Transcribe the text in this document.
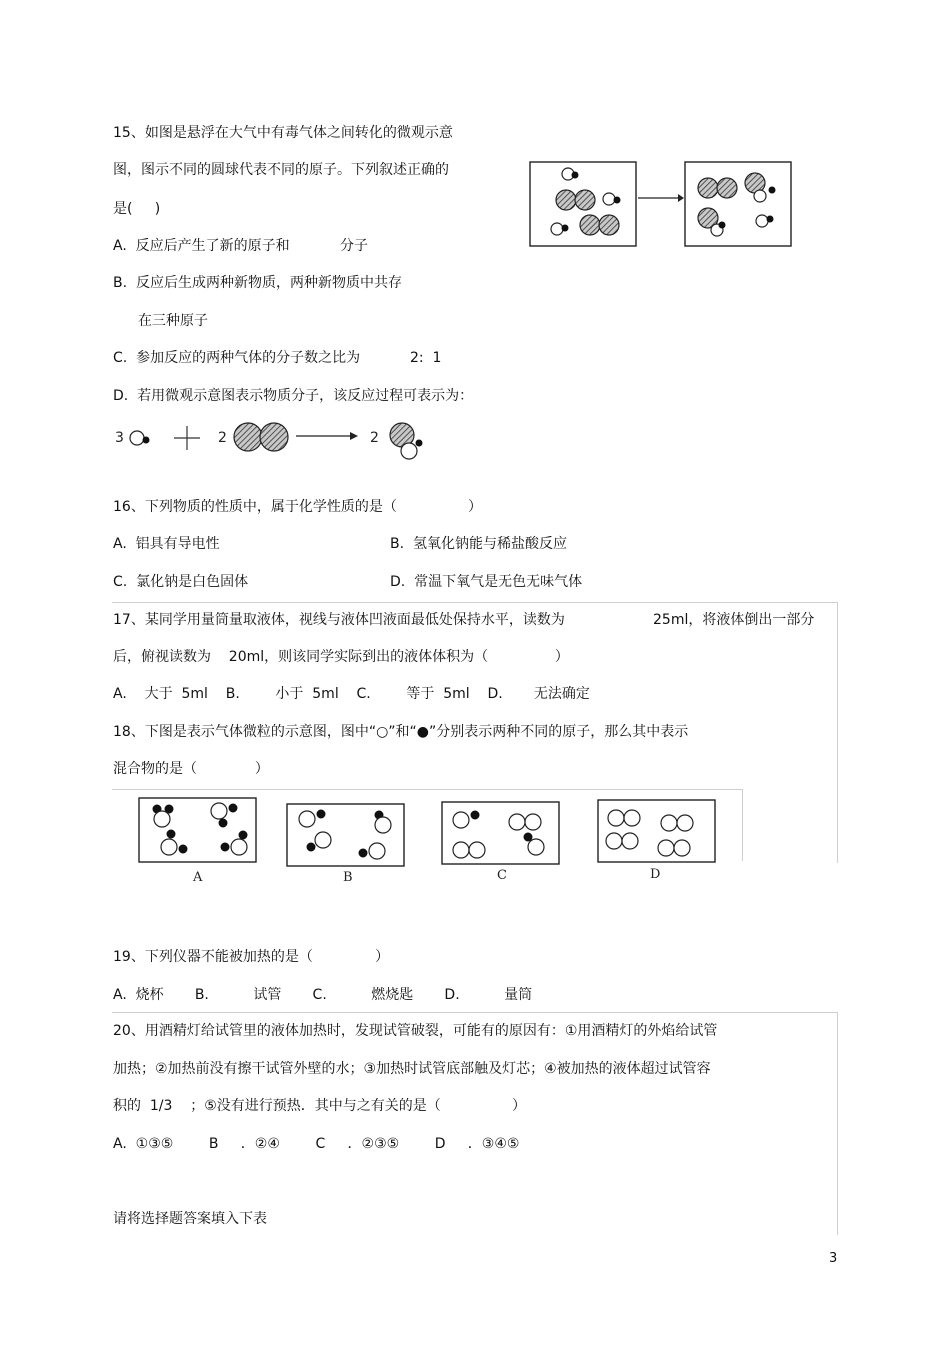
15、如图是悬浮在大气中有毒气体之间转化的微观示意
图，图示不同的圆球代表不同的原子。下列叙述正确的
是(     )
A.  反应后产生了新的原子和	分子
B.  反应后生成两种新物质，两种新物质中共存
在三种原子
C.  参加反应的两种气体的分子数之比为	2:  1
D.  若用微观示意图表示物质分子，该反应过程可表示为：
3	2	2
16、下列物质的性质中，属于化学性质的是（                ）
A.  铝具有导电性	B.  氢氧化钠能与稀盐酸反应
C.  氯化钠是白色固体	D.  常温下氧气是无色无味气体
17、某同学用量筒量取液体，视线与液体凹液面最低处保持水平，读数为	25ml，将液体倒出一部分
后，俯视读数为    20ml，则该同学实际到出的液体体积为（               ）
A.    大于  5ml    B.        小于  5ml    C.        等于  5ml    D.       无法确定
18、下图是表示气体微粒的示意图，图中“○”和“●”分别表示两种不同的原子，那么其中表示
混合物的是（             ）
A	B	C	D
19、下列仪器不能被加热的是（              ）
A.  烧杯       B.          试管       C.          燃烧匙       D.          量筒
20、用酒精灯给试管里的液体加热时，发现试管破裂，可能有的原因有：①用酒精灯的外焰给试管
加热；②加热前没有擦干试管外壁的水；③加热时试管底部触及灯芯；④被加热的液体超过试管容
积的  1/3    ；⑤没有进行预热．其中与之有关的是（                ）
A.  ①③⑤        B     ．②④        C     ．②③⑤        D     ．③④⑤
请将选择题答案填入下表
3
